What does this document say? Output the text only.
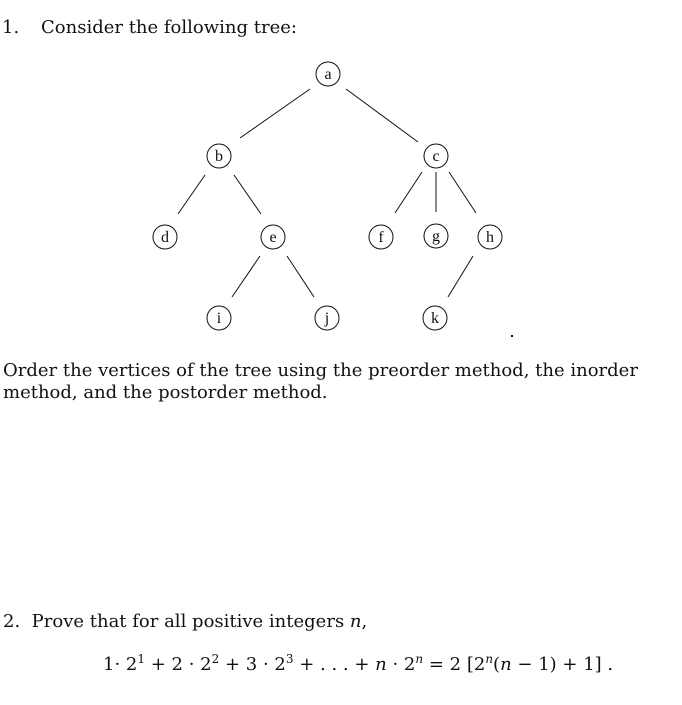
1. Consider the following tree:
a
b	c
d	e	f	g	h
i	j	k
Order the vertices of the tree using the preorder method, the inorder method, and the postorder method.
2. Prove that for all positive integers n,
$1\cdot 2^1 + 2 \cdot 2^2 + 3 \cdot 2^3$ + . . . + $n \cdot 2^n = 2$ $[2^n(n - 1) + 1]$ .
